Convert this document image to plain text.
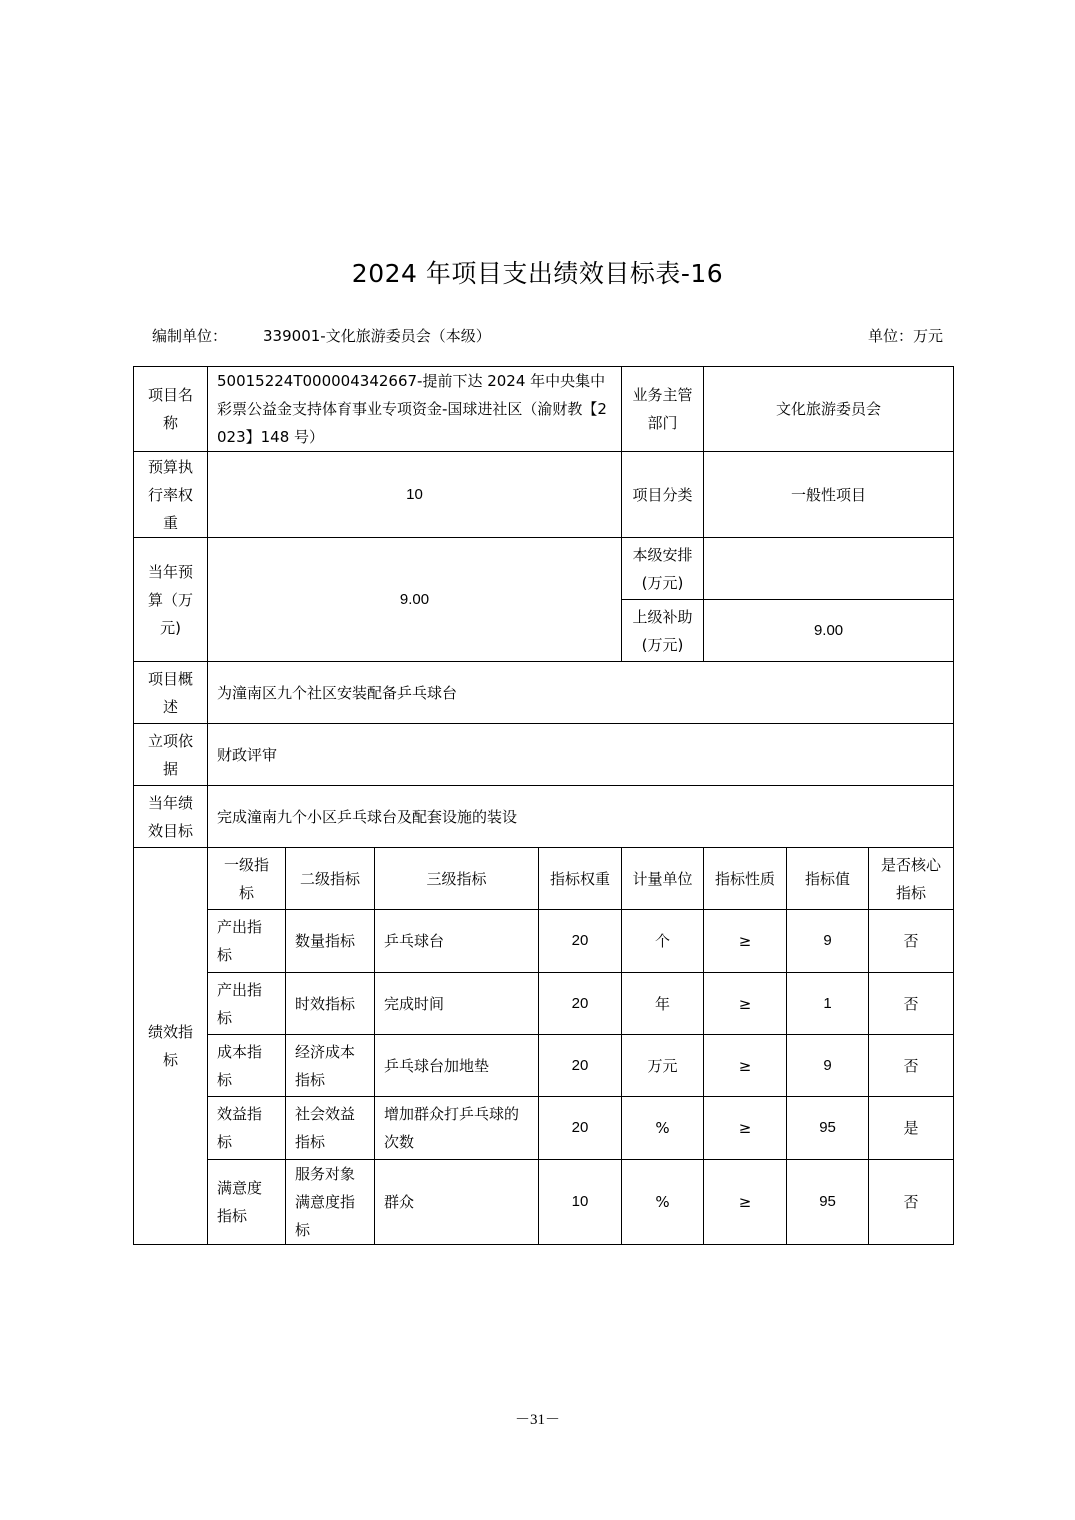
2024 年项目支出绩效目标表-16
编制单位： 339001-文化旅游委员会（本级）	单位：万元
项目名称	50015224T000004342667-提前下达 2024 年中央集中彩票公益金支持体育事业专项资金-国球进社区（渝财教【2023】148 号）				业务主管部门	文化旅游委员会		
预算执行率权重	10				项目分类	一般性项目		
当年预算（万元)	9.00				本级安排(万元)			
					上级补助(万元)	9.00		
项目概述	为潼南区九个社区安装配备乒乓球台							
立项依据	财政评审							
当年绩效目标	完成潼南九个小区乒乓球台及配套设施的装设							
绩效指标	一级指标	二级指标	三级指标	指标权重	计量单位	指标性质	指标值	是否核心指标
	产出指标	数量指标	乒乓球台	20	个	≥	9	否
	产出指标	时效指标	完成时间	20	年	≥	1	否
	成本指标	经济成本指标	乒乓球台加地垫	20	万元	≥	9	否
	效益指标	社会效益指标	增加群众打乒乓球的次数	20	%	≥	95	是
	满意度指标	服务对象满意度指标	群众	10	%	≥	95	否
－31－
